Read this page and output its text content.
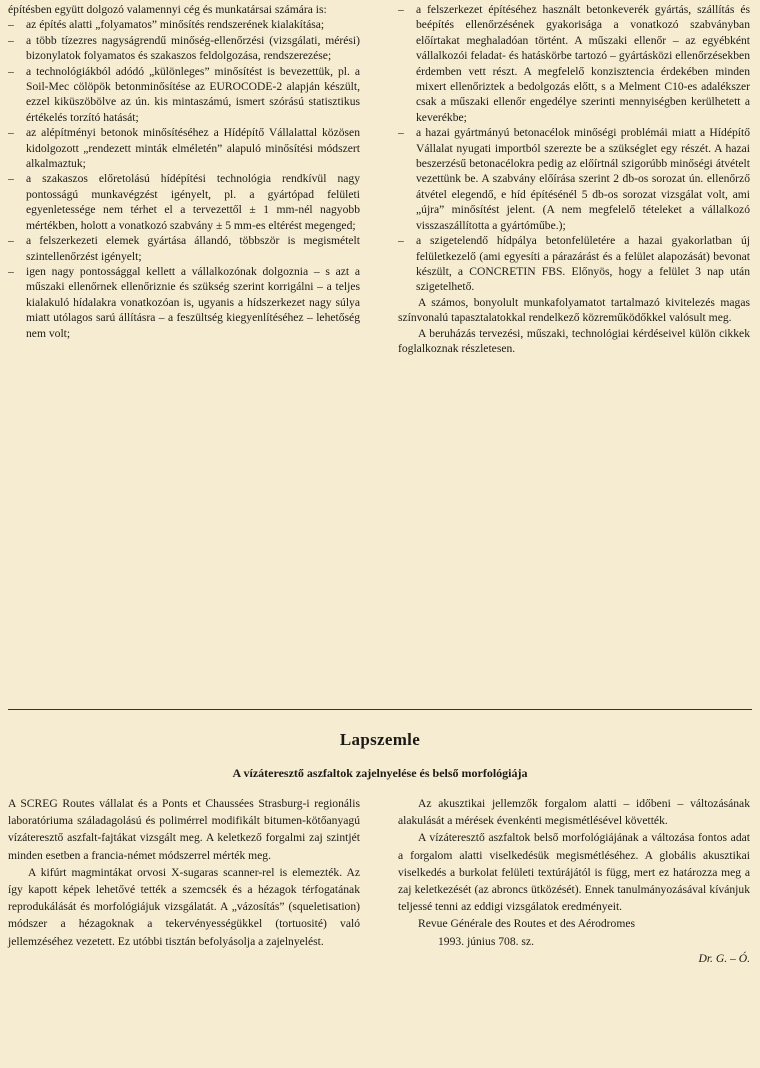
építésben együtt dolgozó valamennyi cég és munkatársai számára is:

– az építés alatti „folyamatos” minősítés rendszerének kialakítása;
– a több tízezres nagyságrendű minőség-ellenőrzési (vizsgálati, mérési) bizonylatok folyamatos és szakaszos feldolgozása, rendszerezése;
– a technológiákból adódó „különleges” minősítést is bevezettük, pl. a Soil-Mec cölöpök betonminősítése az EUROCODE-2 alapján készült, ezzel kiküszöbölve az ún. kis mintaszámú, ismert szórású statisztikus értékelés torzító hatását;
– az alépítményi betonok minősítéséhez a Hídépítő Vállalattal közösen kidolgozott „rendezett minták elméletén” alapuló minősítési módszert alkalmaztuk;
– a szakaszos előretolású hídépítési technológia rendkívül nagy pontosságú munkavégzést igényelt, pl. a gyártópad felületi egyenletessége nem térhet el a tervezettől ± 1 mm-nél nagyobb mértékben, holott a vonatkozó szabvány ± 5 mm-es eltérést megenged;
– a felszerkezeti elemek gyártása állandó, többször is megismételt szintellenőrzést igényelt;
– igen nagy pontossággal kellett a vállalkozónak dolgoznia – s azt a műszaki ellenőrnek ellenőriznie és szükség szerint korrigálni – a teljes kialakuló hídalakra vonatkozóan is, ugyanis a hídszerkezet nagy súlya miatt utólagos sarú állításra – a feszültség kiegyenlítéséhez – lehetőség nem volt;
– a felszerkezet építéséhez használt betonkeverék gyártás, szállítás és beépítés ellenőrzésének gyakorisága a vonatkozó szabványban előírtakat meghaladóan történt. A műszaki ellenőr – az egyébként vállalkozói feladat- és hatáskörbe tartozó – gyártásközi ellenőrzésekben érdemben vett részt. A megfelelő konzisztencia érdekében minden mixert ellenőriztek a bedolgozás előtt, s a Melment C10-es adalékszer csak a műszaki ellenőr engedélye szerinti mennyiségben kerülhetett a keverékbe;
– a hazai gyártmányú betonacélok minőségi problémái miatt a Hídépítő Vállalat nyugati importból szerezte be a szükséglet egy részét. A hazai beszerzésű betonacélokra pedig az előírtnál szigorúbb minőségi átvételt vezettünk be. A szabvány előírása szerint 2 db-os sorozat ún. ellenőrző átvétel elegendő, e híd építésénél 5 db-os sorozat vizsgálat volt, ami „újra” minősítést jelent. (A nem megfelelő tételeket a vállalkozó visszaszállította a gyártóműbe.);
– a szigetelendő hídpálya betonfelületére a hazai gyakorlatban új felületkezelő (ami egyesíti a párazárást és a felület alapozását) bevonat készült, a CONCRETIN FBS. Előnyös, hogy a felület 3 nap után szigetelhető.

A számos, bonyolult munkafolyamatot tartalmazó kivitelezés magas színvonalú tapasztalatokkal rendelkező közreműködőkkel valósult meg.

A beruházás tervezési, műszaki, technológiai kérdéseivel külön cikkek foglalkoznak részletesen.

Lapszemle
A vízáteresztő aszfaltok zajelnyelése és belső morfológiája

A SCREG Routes vállalat és a Ponts et Chaussées Strasburg-i regionális laboratóriuma száladagolású és polimérrel modifikált bitumen-kötőanyagú vízáteresztő aszfalt-fajtákat vizsgált meg. A keletkező forgalmi zaj szintjét minden esetben a francia-német módszerrel mérték meg.

A kifúrt magmintákat orvosi X-sugaras scanner-rel is elemezték. Az így kapott képek lehetővé tették a szemcsék és a hézagok térfogatának reprodukálását és morfológiájuk vizsgálatát. A „vázosítás” (squeletisation) módszer a hézagoknak a tekervényességükkel (tortuosité) való jellemzéséhez vezetett. Ez utóbbi tisztán befolyásolja a zajelnyelést.

Az akusztikai jellemzők forgalom alatti – időbeni – változásának alakulását a mérések évenkénti megismétlésével követték.

A vízáteresztő aszfaltok belső morfológiájának a változása fontos adat a forgalom alatti viselkedésük megismétléséhez. A globális akusztikai viselkedés a burkolat felületi textúrájától is függ, mert ez határozza meg a zaj keletkezését (az abroncs ütközését). Ennek tanulmányozásával kívánjuk teljessé tenni az eddigi vizsgálatok eredményeit.

Revue Générale des Routes et des Aérodromes

1993. június 708. sz.

Dr. G. – Ó.
